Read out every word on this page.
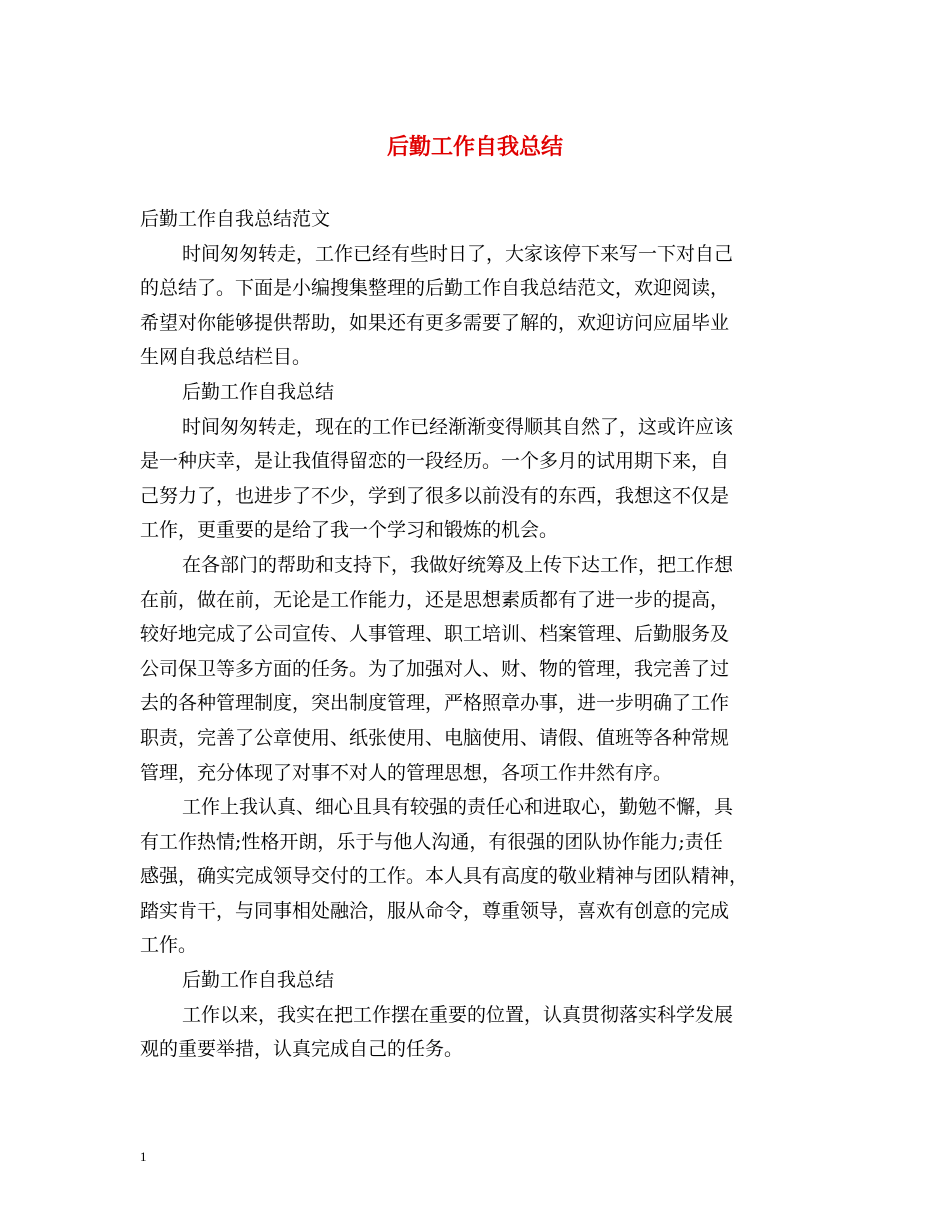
后勤工作自我总结
后勤工作自我总结范文
时间匆匆转走，工作已经有些时日了，大家该停下来写一下对自己
的总结了。下面是小编搜集整理的后勤工作自我总结范文，欢迎阅读，
希望对你能够提供帮助，如果还有更多需要了解的，欢迎访问应届毕业
生网自我总结栏目。
后勤工作自我总结
时间匆匆转走，现在的工作已经渐渐变得顺其自然了，这或许应该
是一种庆幸，是让我值得留恋的一段经历。一个多月的试用期下来，自
己努力了，也进步了不少，学到了很多以前没有的东西，我想这不仅是
工作，更重要的是给了我一个学习和锻炼的机会。
在各部门的帮助和支持下，我做好统筹及上传下达工作，把工作想
在前，做在前，无论是工作能力，还是思想素质都有了进一步的提高，
较好地完成了公司宣传、人事管理、职工培训、档案管理、后勤服务及
公司保卫等多方面的任务。为了加强对人、财、物的管理，我完善了过
去的各种管理制度，突出制度管理，严格照章办事，进一步明确了工作
职责，完善了公章使用、纸张使用、电脑使用、请假、值班等各种常规
管理，充分体现了对事不对人的管理思想，各项工作井然有序。
工作上我认真、细心且具有较强的责任心和进取心，勤勉不懈，具
有工作热情;性格开朗，乐于与他人沟通，有很强的团队协作能力;责任
感强，确实完成领导交付的工作。本人具有高度的敬业精神与团队精神，
踏实肯干，与同事相处融洽，服从命令，尊重领导，喜欢有创意的完成
工作。
后勤工作自我总结
工作以来，我实在把工作摆在重要的位置，认真贯彻落实科学发展
观的重要举措，认真完成自己的任务。
1
